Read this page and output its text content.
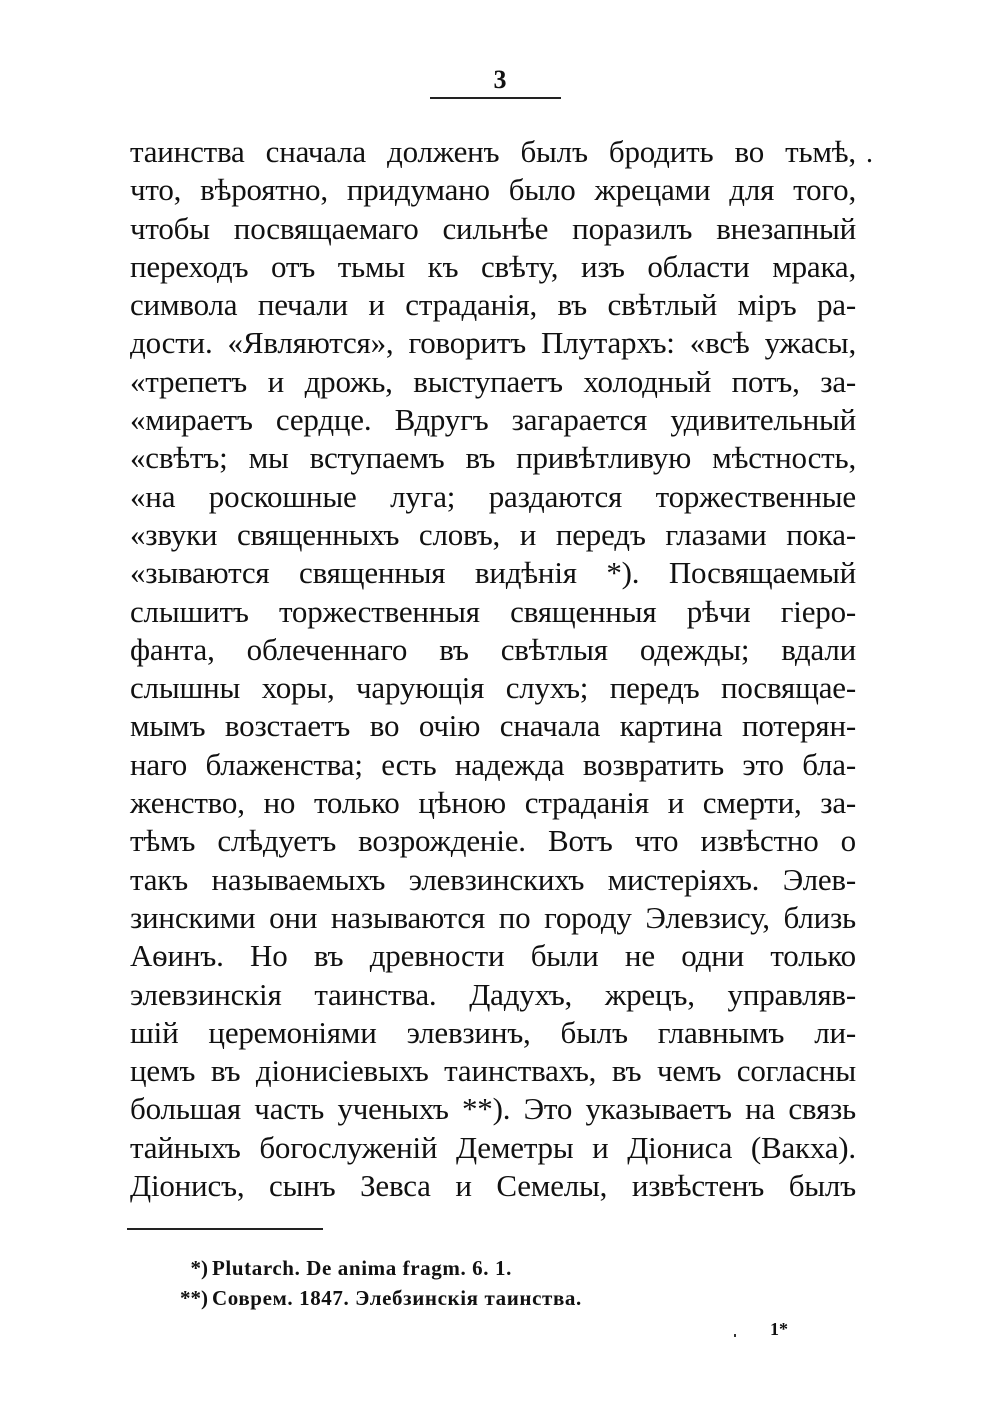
3
.
таинства сначала долженъ былъ бродить во тьмѣ,
что, вѣроятно, придумано было жрецами для того,
чтобы посвящаемаго сильнѣе поразилъ внезапный
переходъ отъ тьмы къ свѣту, изъ области мрака,
символа печали и страданія, въ свѣтлый міръ ра-
дости. «Являются», говоритъ Плутархъ: «всѣ ужасы,
«трепетъ и дрожь, выступаетъ холодный потъ, за-
«мираетъ сердце. Вдругъ загарается удивительный
«свѣтъ; мы вступаемъ въ привѣтливую мѣстность,
«на роскошные луга; раздаются торжественные
«звуки священныхъ словъ, и передъ глазами пока-
«зываются священныя видѣнія *). Посвящаемый
слышитъ торжественныя священныя рѣчи гіеро-
фанта, облеченнаго въ свѣтлыя одежды; вдали
слышны хоры, чарующія слухъ; передъ посвящае-
мымъ возстаетъ во очію сначала картина потерян-
наго блаженства; есть надежда возвратить это бла-
женство, но только цѣною страданія и смерти, за-
тѣмъ слѣдуетъ возрожденіе. Вотъ что извѣстно о
такъ называемыхъ элевзинскихъ мистеріяхъ. Элев-
зинскими они называются по городу Элевзису, близь
Аѳинъ. Но въ древности были не одни только
элевзинскія таинства. Дадухъ, жрецъ, управляв-
шій церемоніями элевзинъ, былъ главнымъ ли-
цемъ въ діонисіевыхъ таинствахъ, въ чемъ согласны
большая часть ученыхъ **). Это указываетъ на связь
тайныхъ богослуженій Деметры и Діониса (Вакха).
Діонисъ, сынъ Зевса и Семелы, извѣстенъ былъ
*) Plutarch. De anima fragm. 6. 1.
**) Соврем. 1847. Элебзинскія таинства.
1*
